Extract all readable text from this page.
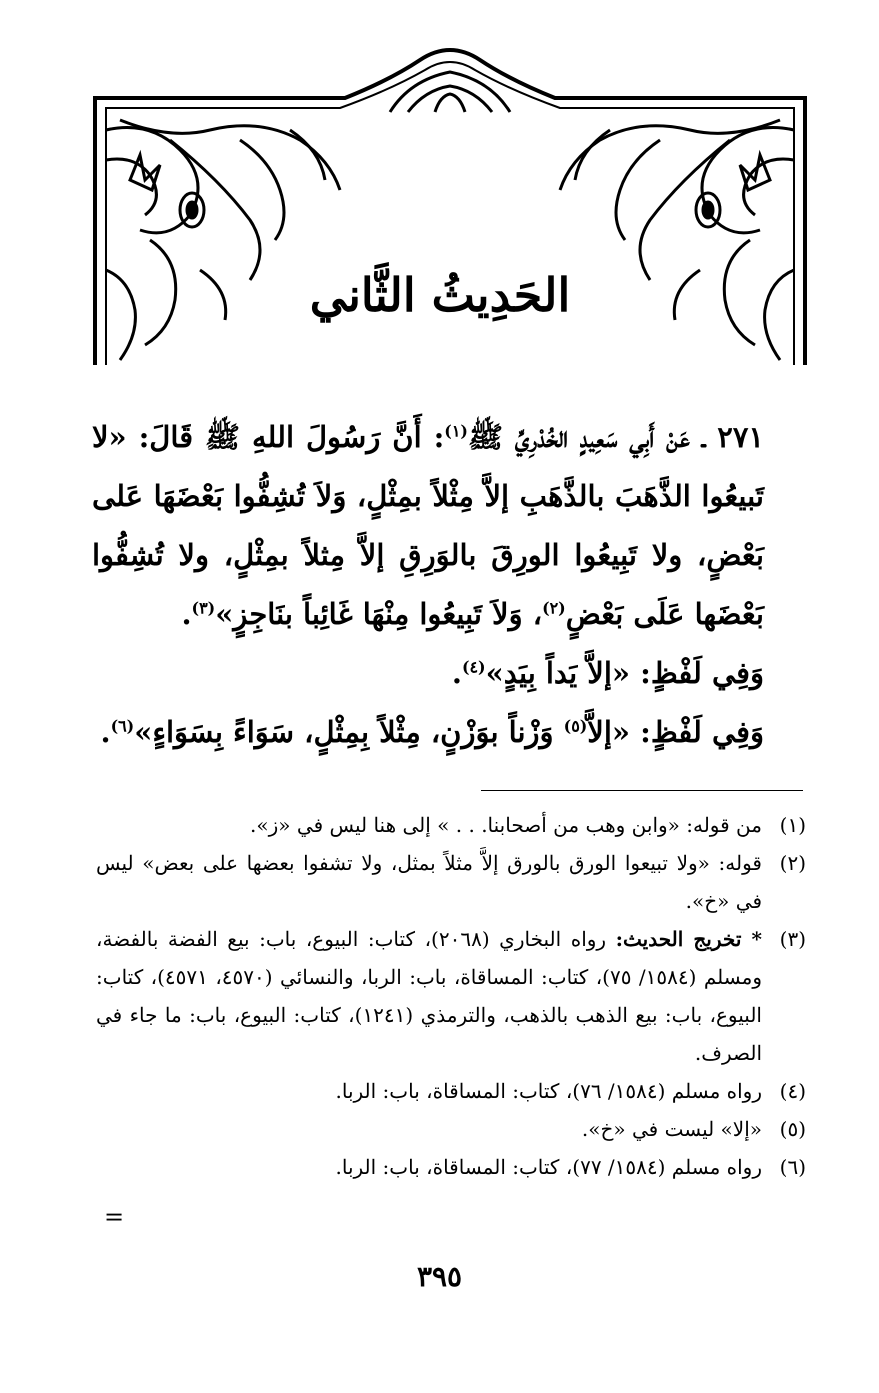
الحَدِيثُ الثَّاني

٢٧١ ـ عَنْ أَبِي سَعِيدٍ الخُدْرِيِّ ﷺ$^{(١)}$: أَنَّ رَسُولَ اللهِ ﷺ قَالَ: «لا تَبيعُوا الذَّهَبَ بالذَّهَبِ إلاَّ مِثْلاً بمِثْلٍ، وَلاَ تُشِفُّوا بَعْضَهَا عَلى بَعْضٍ، ولا تَبِيعُوا الورِقَ بالوَرِقِ إلاَّ مِثلاً بمِثْلٍ، ولا تُشِفُّوا بَعْضَها عَلَى بَعْضٍ$^{(٢)}$، وَلاَ تَبِيعُوا مِنْهَا غَائِباً بنَاجِزٍ»$^{(٣)}$.

وَفِي لَفْظٍ: «إلاَّ يَداً بِيَدٍ»$^{(٤)}$.

وَفِي لَفْظٍ: «إلاَّ$^{(٥)}$ وَزْناً بوَزْنٍ، مِثْلاً بِمِثْلٍ، سَوَاءً بِسَوَاءٍ»$^{(٦)}$.

(١)
من قوله: «وابن وهب من أصحابنا. . . » إلى هنا ليس في «ز».
(٢)
قوله: «ولا تبيعوا الورق بالورق إلاَّ مثلاً بمثل، ولا تشفوا بعضها على بعض» ليس في «خ».
(٣)
* تخريج الحديث: رواه البخاري (٢٠٦٨)، كتاب: البيوع، باب: بيع الفضة بالفضة، ومسلم (١٥٨٤/ ٧٥)، كتاب: المساقاة، باب: الربا، والنسائي (٤٥٧٠، ٤٥٧١)، كتاب: البيوع، باب: بيع الذهب بالذهب، والترمذي (١٢٤١)، كتاب: البيوع، باب: ما جاء في الصرف.
(٤)
رواه مسلم (١٥٨٤/ ٧٦)، كتاب: المساقاة، باب: الربا.
(٥)
«إلا» ليست في «خ».
(٦)
رواه مسلم (١٥٨٤/ ٧٧)، كتاب: المساقاة، باب: الربا.
=
٣٩٥
